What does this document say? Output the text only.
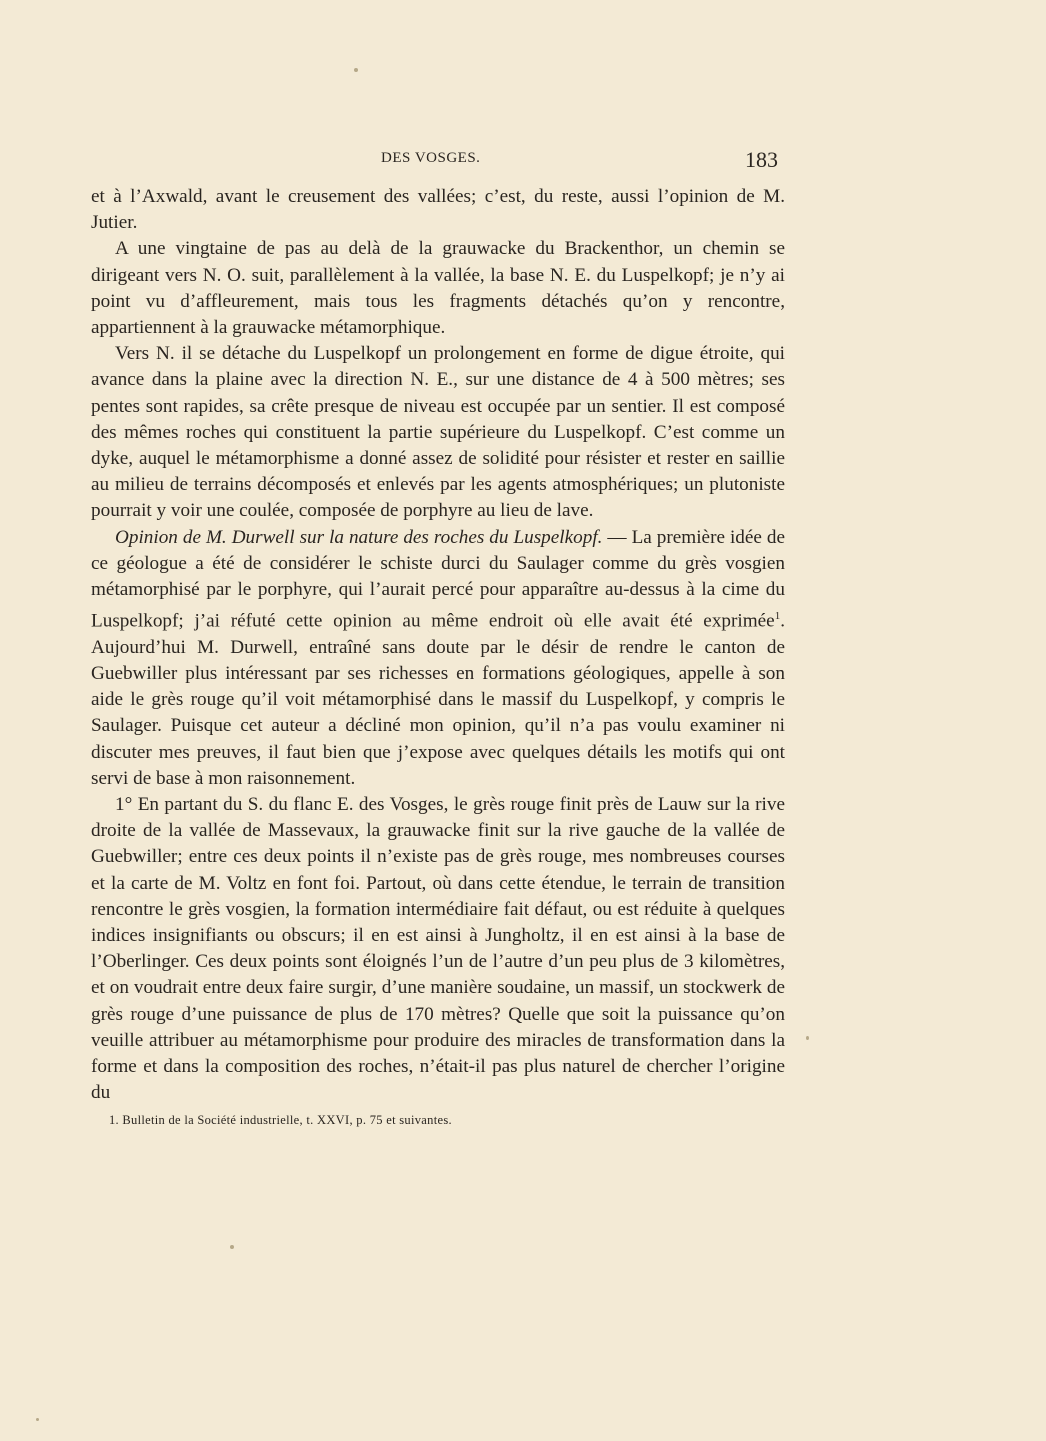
DES VOSGES.	183

et à l’Axwald, avant le creusement des vallées; c’est, du reste, aussi l’opinion de M. Jutier.

A une vingtaine de pas au delà de la grauwacke du Brackenthor, un chemin se dirigeant vers N. O. suit, parallèlement à la vallée, la base N. E. du Luspelkopf; je n’y ai point vu d’affleurement, mais tous les fragments détachés qu’on y rencontre, appartiennent à la grauwacke métamorphique.

Vers N. il se détache du Luspelkopf un prolongement en forme de digue étroite, qui avance dans la plaine avec la direction N. E., sur une distance de 4 à 500 mètres; ses pentes sont rapides, sa crête presque de niveau est occupée par un sentier. Il est composé des mêmes roches qui constituent la partie supérieure du Luspelkopf. C’est comme un dyke, auquel le métamorphisme a donné assez de solidité pour résister et rester en saillie au milieu de terrains décomposés et enlevés par les agents atmosphériques; un plutoniste pourrait y voir une coulée, composée de porphyre au lieu de lave.

Opinion de M. Durwell sur la nature des roches du Luspelkopf. — La première idée de ce géologue a été de considérer le schiste durci du Saulager comme du grès vosgien métamorphisé par le porphyre, qui l’aurait percé pour apparaître au-dessus à la cime du Luspelkopf; j’ai réfuté cette opinion au même endroit où elle avait été exprimée$^1$. Aujourd’hui M. Durwell, entraîné sans doute par le désir de rendre le canton de Guebwiller plus intéressant par ses richesses en formations géologiques, appelle à son aide le grès rouge qu’il voit métamorphisé dans le massif du Luspelkopf, y compris le Saulager. Puisque cet auteur a décliné mon opinion, qu’il n’a pas voulu examiner ni discuter mes preuves, il faut bien que j’expose avec quelques détails les motifs qui ont servi de base à mon raisonnement.

1° En partant du S. du flanc E. des Vosges, le grès rouge finit près de Lauw sur la rive droite de la vallée de Massevaux, la grauwacke finit sur la rive gauche de la vallée de Guebwiller; entre ces deux points il n’existe pas de grès rouge, mes nombreuses courses et la carte de M. Voltz en font foi. Partout, où dans cette étendue, le terrain de transition rencontre le grès vosgien, la formation intermédiaire fait défaut, ou est réduite à quelques indices insignifiants ou obscurs; il en est ainsi à Jungholtz, il en est ainsi à la base de l’Oberlinger. Ces deux points sont éloignés l’un de l’autre d’un peu plus de 3 kilomètres, et on voudrait entre deux faire surgir, d’une manière soudaine, un massif, un stockwerk de grès rouge d’une puissance de plus de 170 mètres? Quelle que soit la puissance qu’on veuille attribuer au métamorphisme pour produire des miracles de transformation dans la forme et dans la composition des roches, n’était-il pas plus naturel de chercher l’origine du

1. Bulletin de la Société industrielle, t. XXVI, p. 75 et suivantes.
